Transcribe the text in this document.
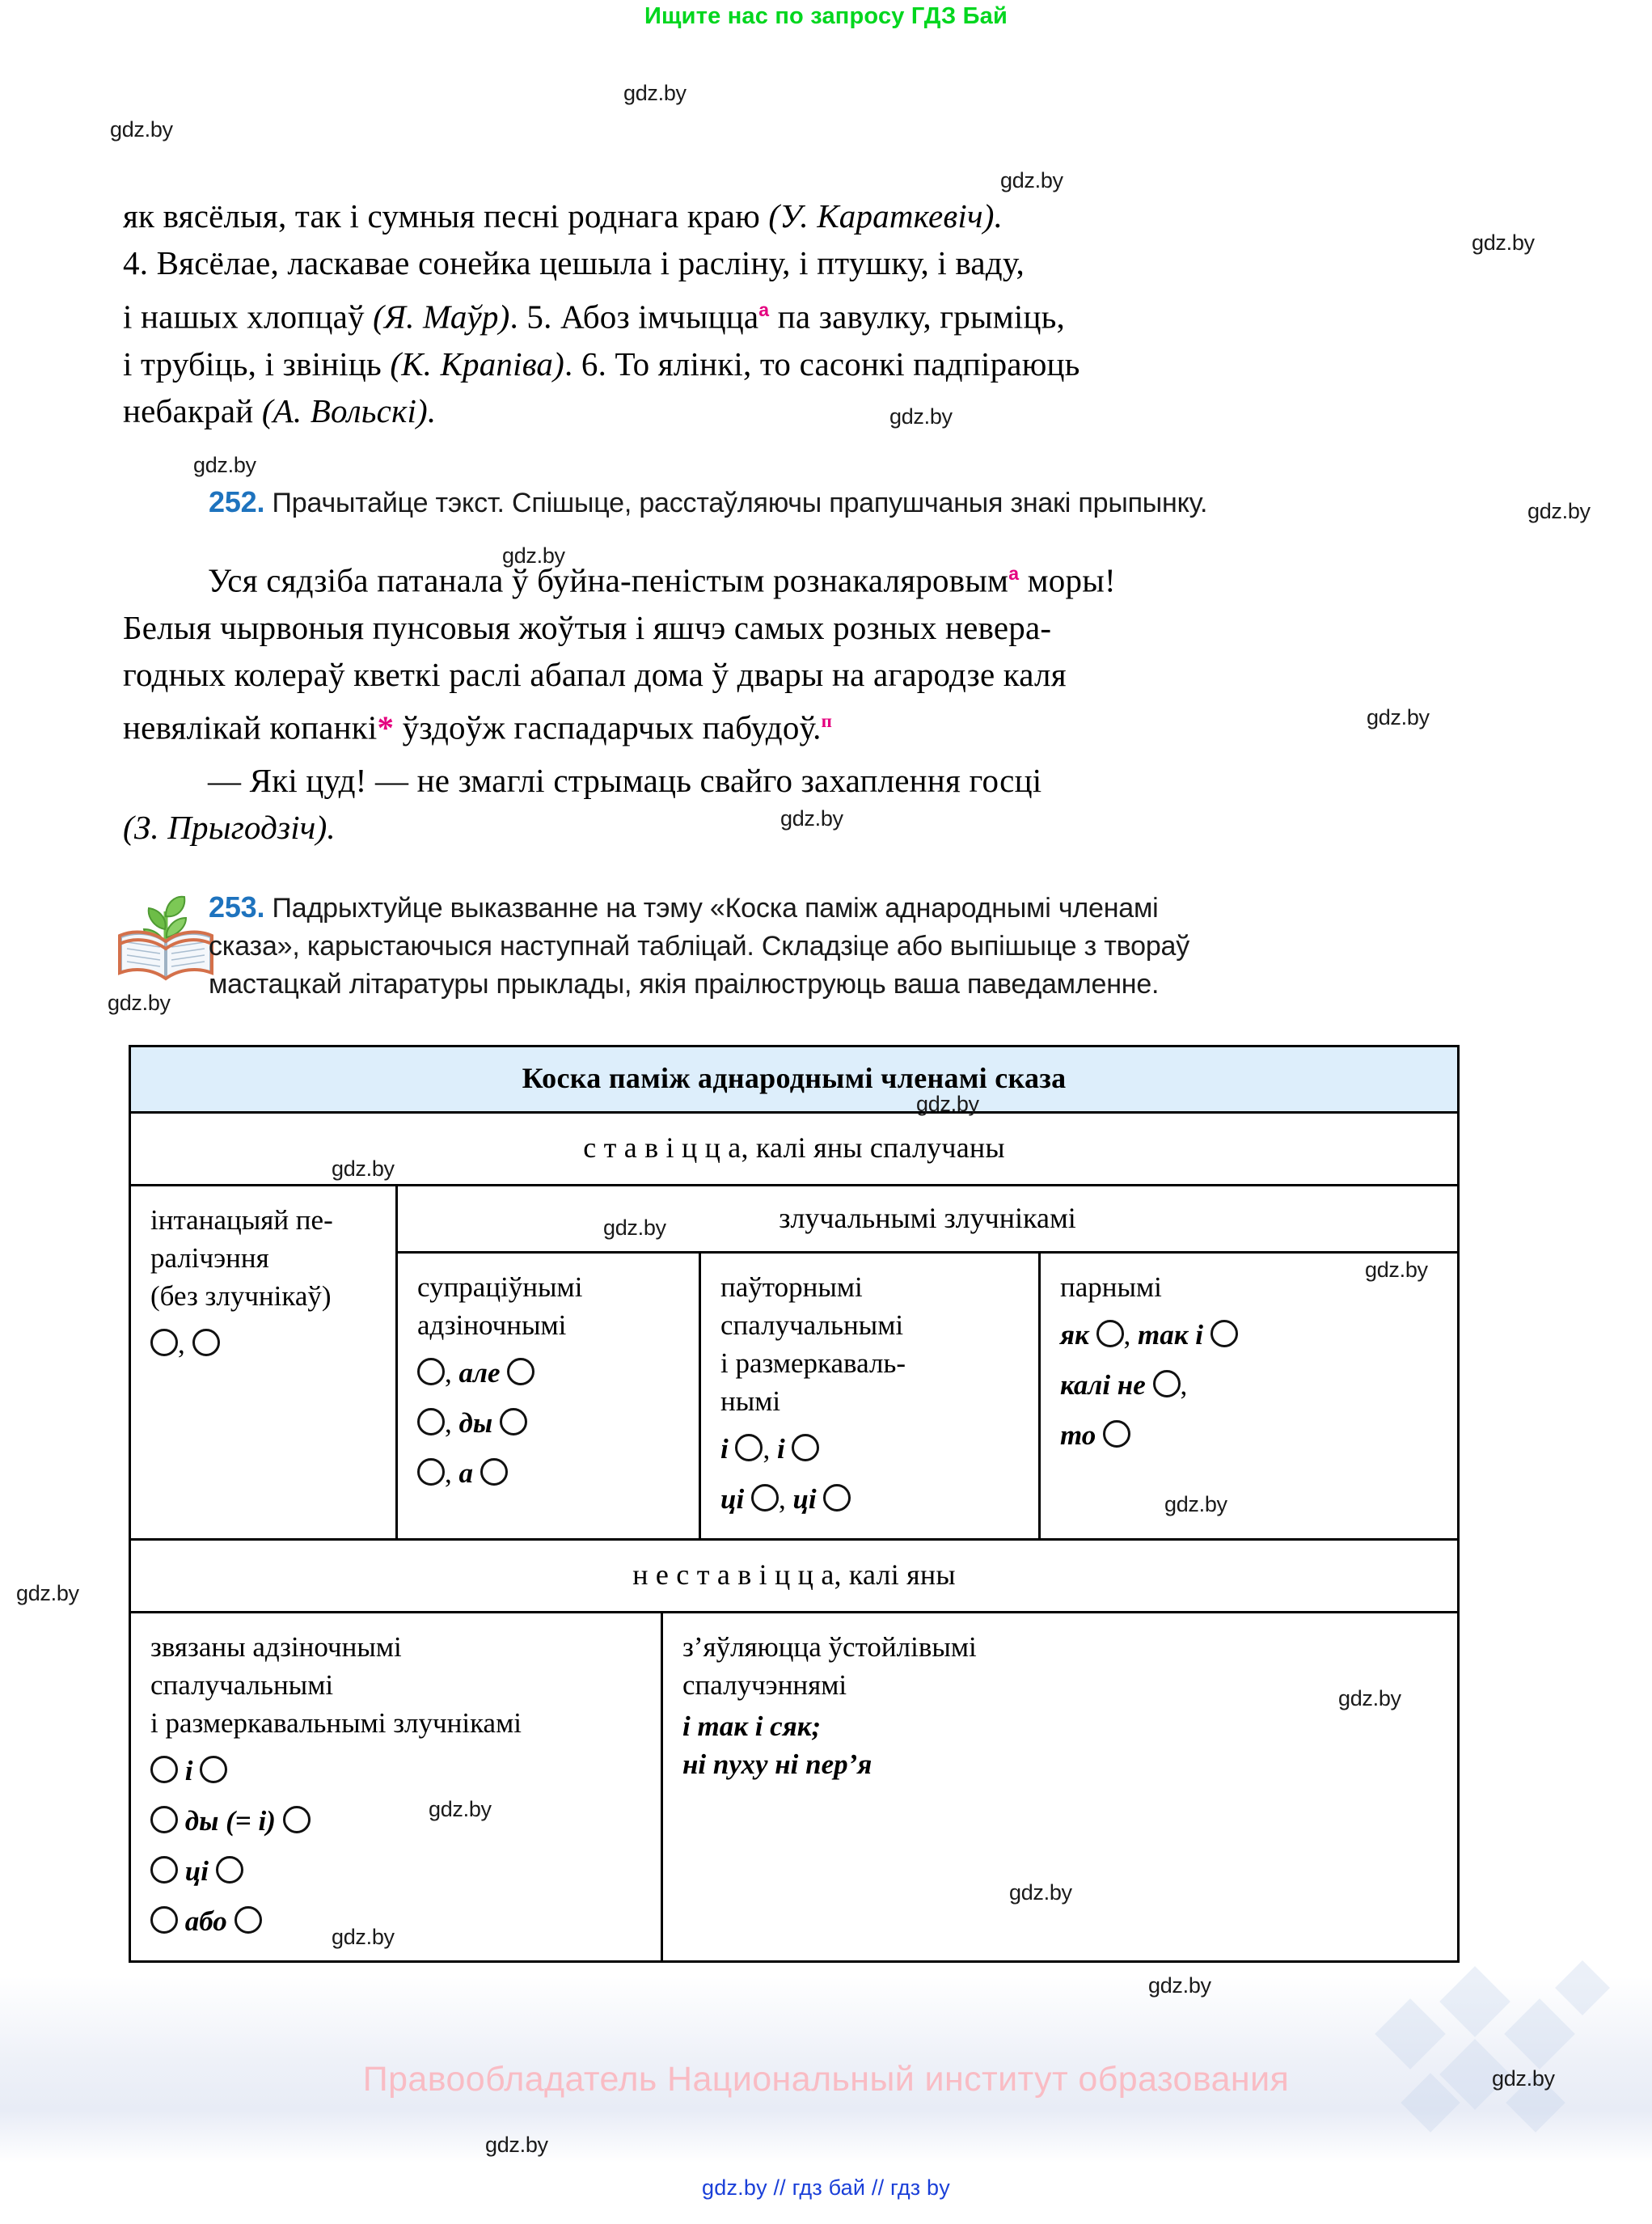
Ищите нас по запросу ГДЗ Бай
як вясёлыя, так і сумныя песні роднага краю (У. Караткевіч).
4. Вясёлае, ласкавае сонейка цешыла і расліну, і птушку, і ваду,
і нашых хлопцаў (Я. Маўр). 5. Абоз імчыцца$^а$ па завулку, грыміць,
і трубіць, і звініць (К. Крапіва). 6. То ялінкі, то сасонкі падпіраюць
небакрай (А. Вольскі).
252. Прачытайце тэкст. Спішыце, расстаўляючы прапушчаныя знакі прыпынку.
Уся сядзіба патанала ў буйна-пеністым рознакаляровым$^а$ моры!
Белыя чырвоныя пунсовыя жоўтыя і яшчэ самых розных невера-
годных колераў кветкі раслі абапал дома ў двары на агародзе каля
невялікай копанкі* ўздоўж гаспадарчых пабудоў.$^п$
— Які цуд! — не змаглі стрымаць свайго захаплення госці
(З. Прыгодзіч).
253. Падрыхтуйце выказванне на тэму «Коска паміж аднароднымі членамі
сказа», карыстаючыся наступнай таблiцай. Складзіце або выпішыце з твораў
мастацкай літаратуры прыклады, якія праілюструюць ваша паведамленне.
Коска паміж аднароднымі членамі сказа
с т а в і ц ц а, калі яны спалучаны
інтанацыяй пе-
ралічэння
(без злучнікаў)
,
злучальнымі злучнікамі
супраціўнымі
адзіночнымі
, але
, ды
, а
паўторнымі
спалучальнымі
і размеркаваль-
нымі
і , і
ці , ці
парнымі
як , так і
калі не ,
то
н е с т а в і ц ц а, калі яны
звязаны адзіночнымі
спалучальнымі
і размеркавальнымі злучнікамі
і
ды (= і)
ці
або
з’яўляюцца ўстойлівымі
спалучэннямі
і так і сяк;
ні пуху ні пер’я
Правообладатель Национальный институт образования
gdz.by // гдз бай // гдз by
gdz.by
gdz.by
gdz.by
gdz.by
gdz.by
gdz.by
gdz.by
gdz.by
gdz.by
gdz.by
gdz.by
gdz.by
gdz.by
gdz.by
gdz.by
gdz.by
gdz.by
gdz.by
gdz.by
gdz.by
gdz.by
gdz.by
gdz.by
gdz.by
